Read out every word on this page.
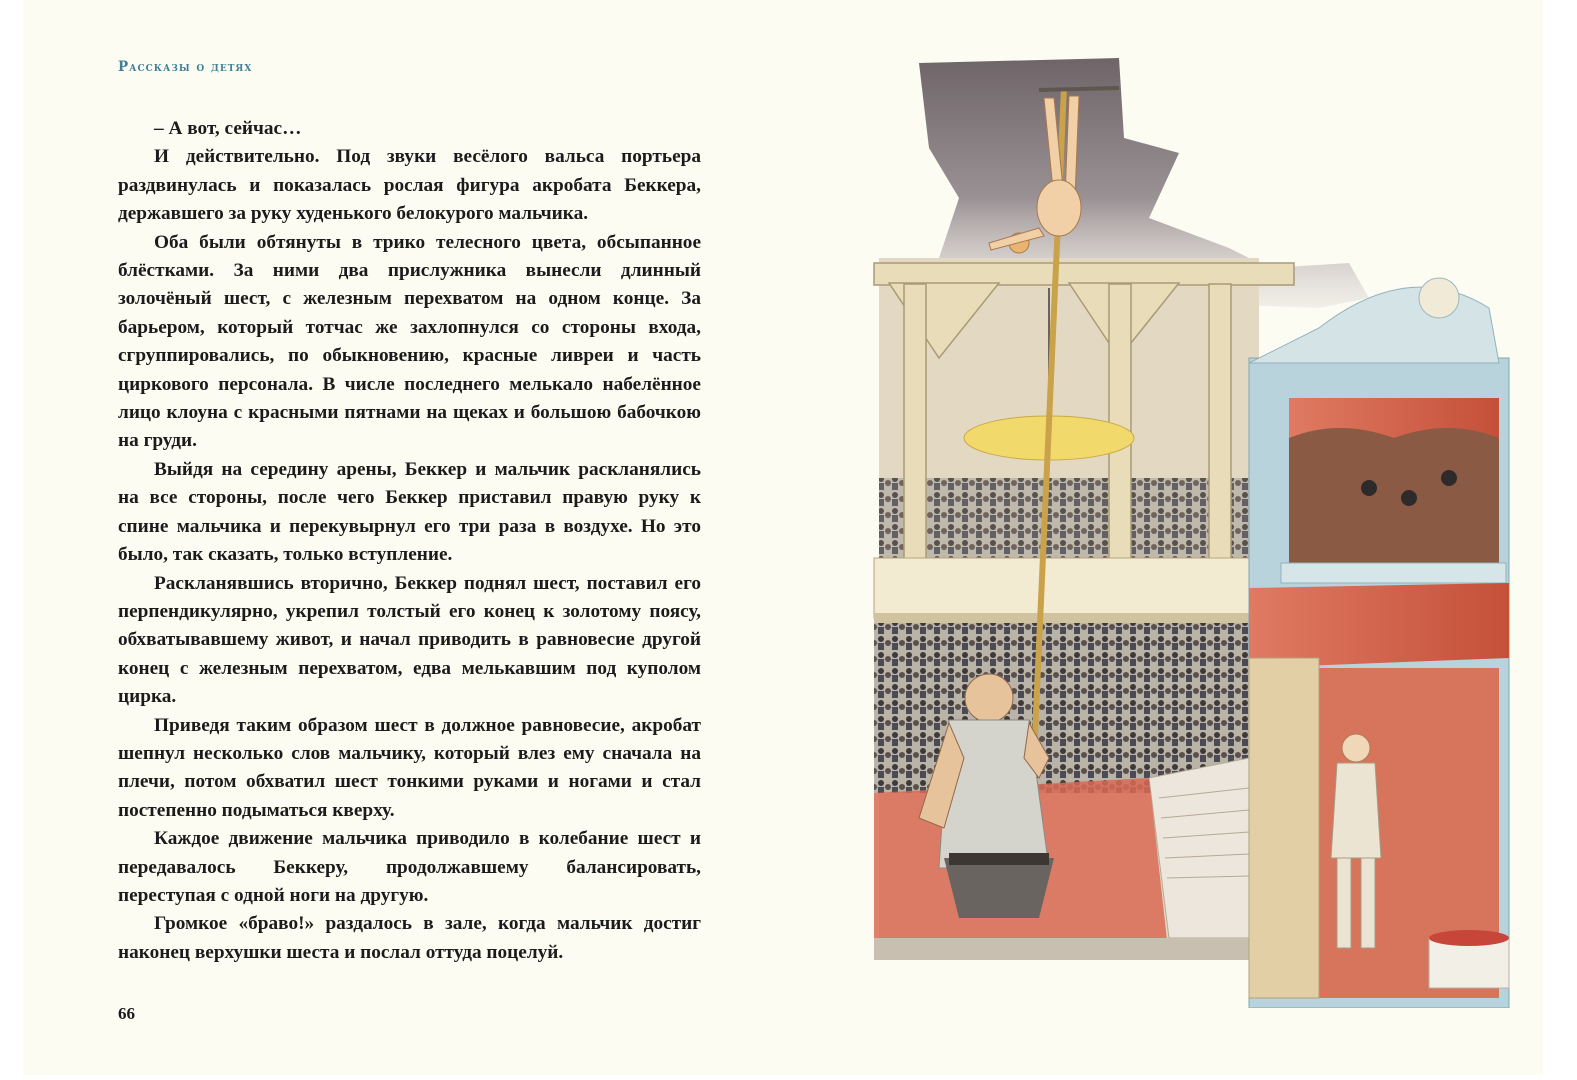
Рассказы о детях

– А вот, сейчас…

И действительно. Под звуки весёлого вальса портьера раздвинулась и показалась рослая фигура акробата Беккера, державшего за руку худенького белокурого мальчика.

Оба были обтянуты в трико телесного цвета, обсыпанное блёстками. За ними два прислужника вынесли длинный золочёный шест, с железным перехватом на одном конце. За барьером, который тотчас же захлопнулся со стороны входа, сгруппировались, по обыкновению, красные ливреи и часть циркового персонала. В числе последнего мелькало набелённое лицо клоуна с красными пятнами на щеках и большою бабочкою на груди.

Выйдя на середину арены, Беккер и мальчик раскланялись на все стороны, после чего Беккер приставил правую руку к спине мальчика и перекувырнул его три раза в воздухе. Но это было, так сказать, только вступление.

Раскланявшись вторично, Беккер поднял шест, поставил его перпендикулярно, укрепил толстый его конец к золотому поясу, обхватывавшему живот, и начал приводить в равновесие другой конец с железным перехватом, едва мелькавшим под куполом цирка.

Приведя таким образом шест в должное равновесие, акробат шепнул несколько слов мальчику, который влез ему сначала на плечи, потом обхватил шест тонкими руками и ногами и стал постепенно подыматься кверху.

Каждое движение мальчика приводило в колебание шест и передавалось Беккеру, продолжавшему балансировать, переступая с одной ноги на другую.

Громкое «браво!» раздалось в зале, когда мальчик достиг наконец верхушки шеста и послал оттуда поцелуй.

66
